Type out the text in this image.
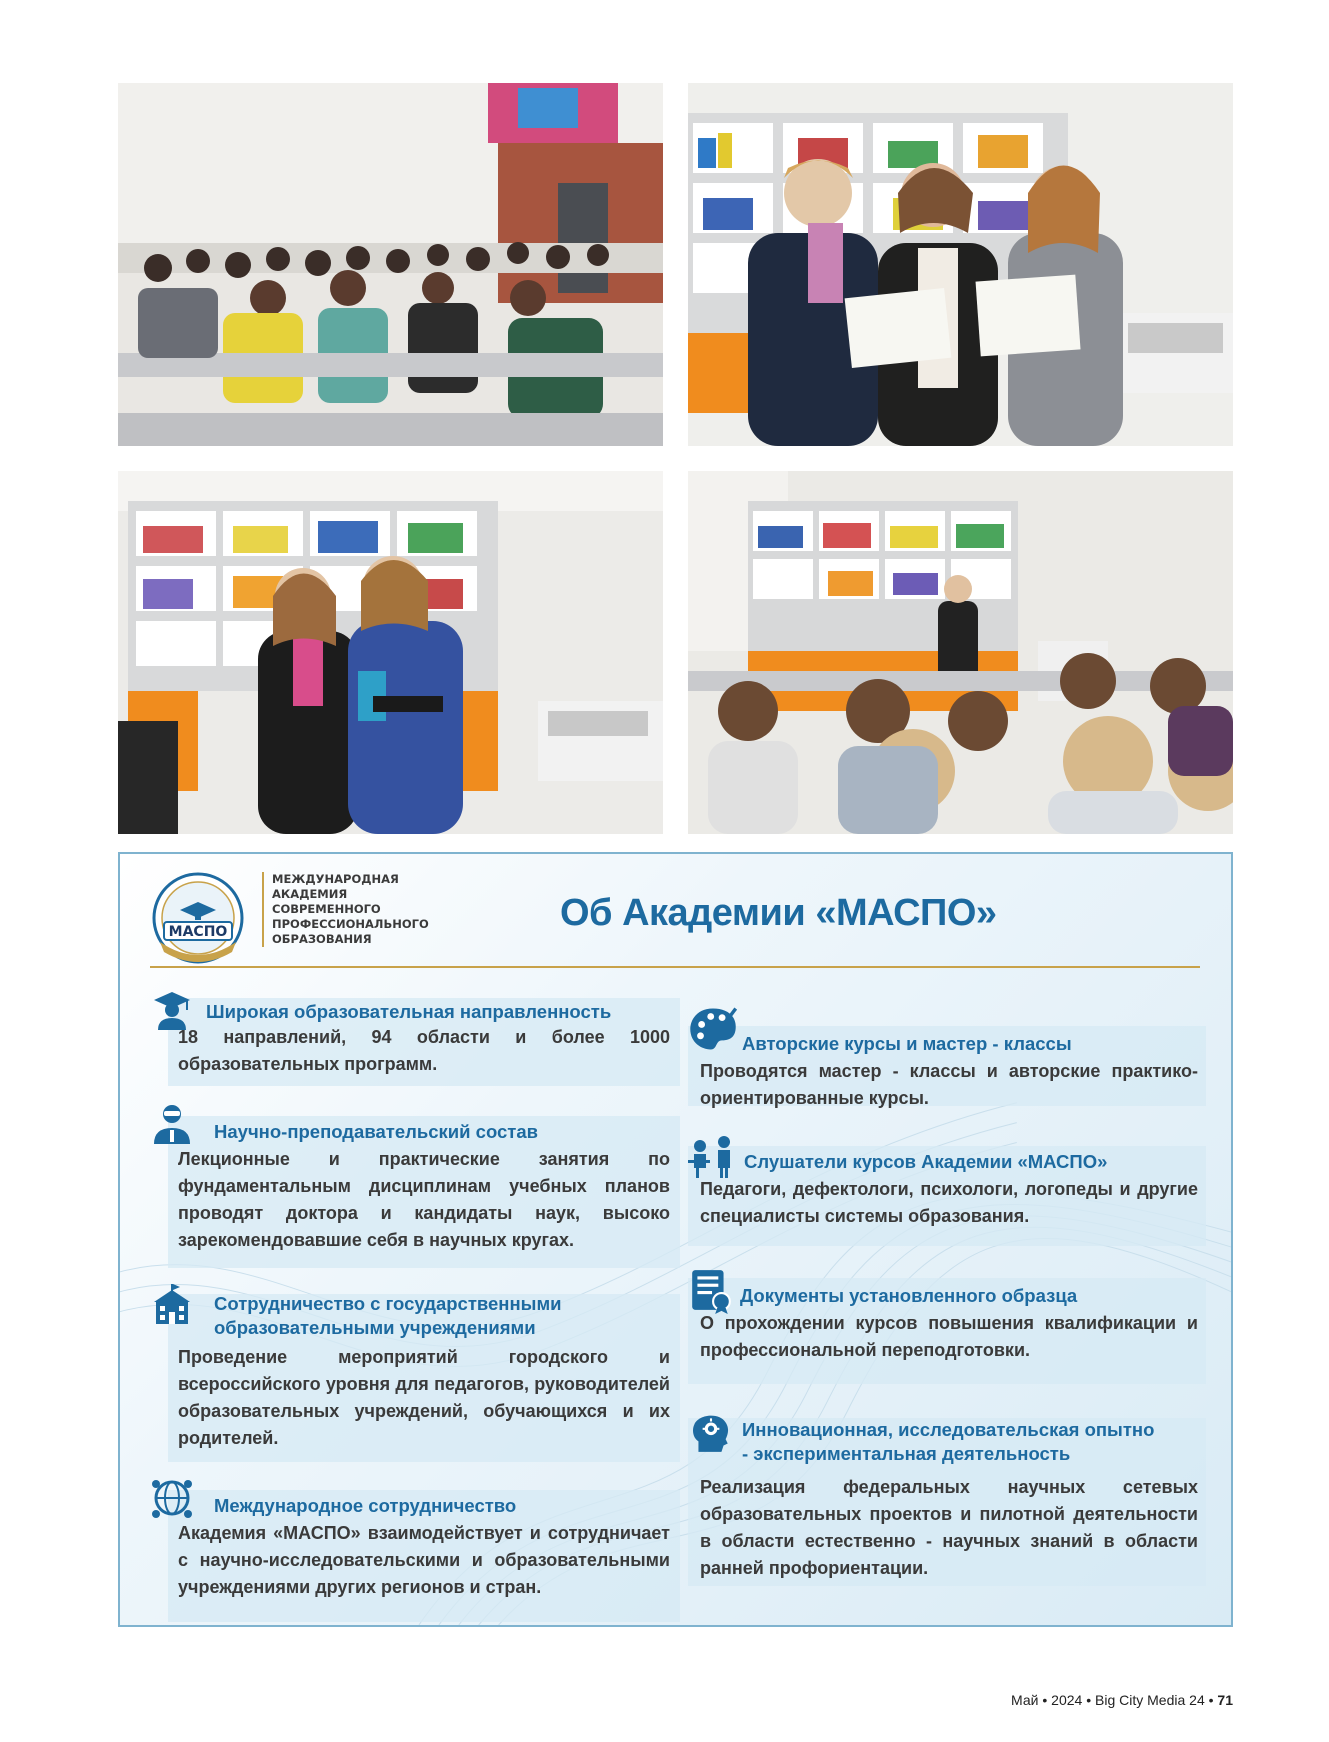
МАСПО
МЕЖДУНАРОДНАЯ
АКАДЕМИЯ
СОВРЕМЕННОГО
ПРОФЕССИОНАЛЬНОГО
ОБРАЗОВАНИЯ
Об Академии «МАСПО»
Широкая образовательная направленность
18 направлений, 94 области и более 1000 образовательных программ.
Научно-преподавательский состав
Лекционные и практические занятия по фундаментальным дисциплинам учебных планов проводят доктора и кандидаты наук, высоко зарекомендовавшие себя в научных кругах.
Сотрудничество с государственными образовательными учреждениями
Проведение мероприятий городского и всероссийского уровня для педагогов, руководителей образовательных учреждений, обучающихся и их родителей.
Международное сотрудничество
Академия «МАСПО» взаимодействует и сотрудничает с научно-исследовательскими и образовательными учреждениями других регионов и стран.
Авторские курсы и мастер - классы
Проводятся мастер - классы и авторские практико-ориентированные курсы.
Слушатели курсов Академии «МАСПО»
Педагоги, дефектологи, психологи, логопеды и другие специалисты системы образования.
Документы установленного образца
О прохождении курсов повышения квалификации и профессиональной переподготовки.
Инновационная, исследовательская опытно - экспериментальная деятельность
Реализация федеральных научных сетевых образовательных проектов и пилотной деятельности в области естественно - научных знаний в области ранней профориентации.
Май • 2024 • Big City Media 24 • 71
